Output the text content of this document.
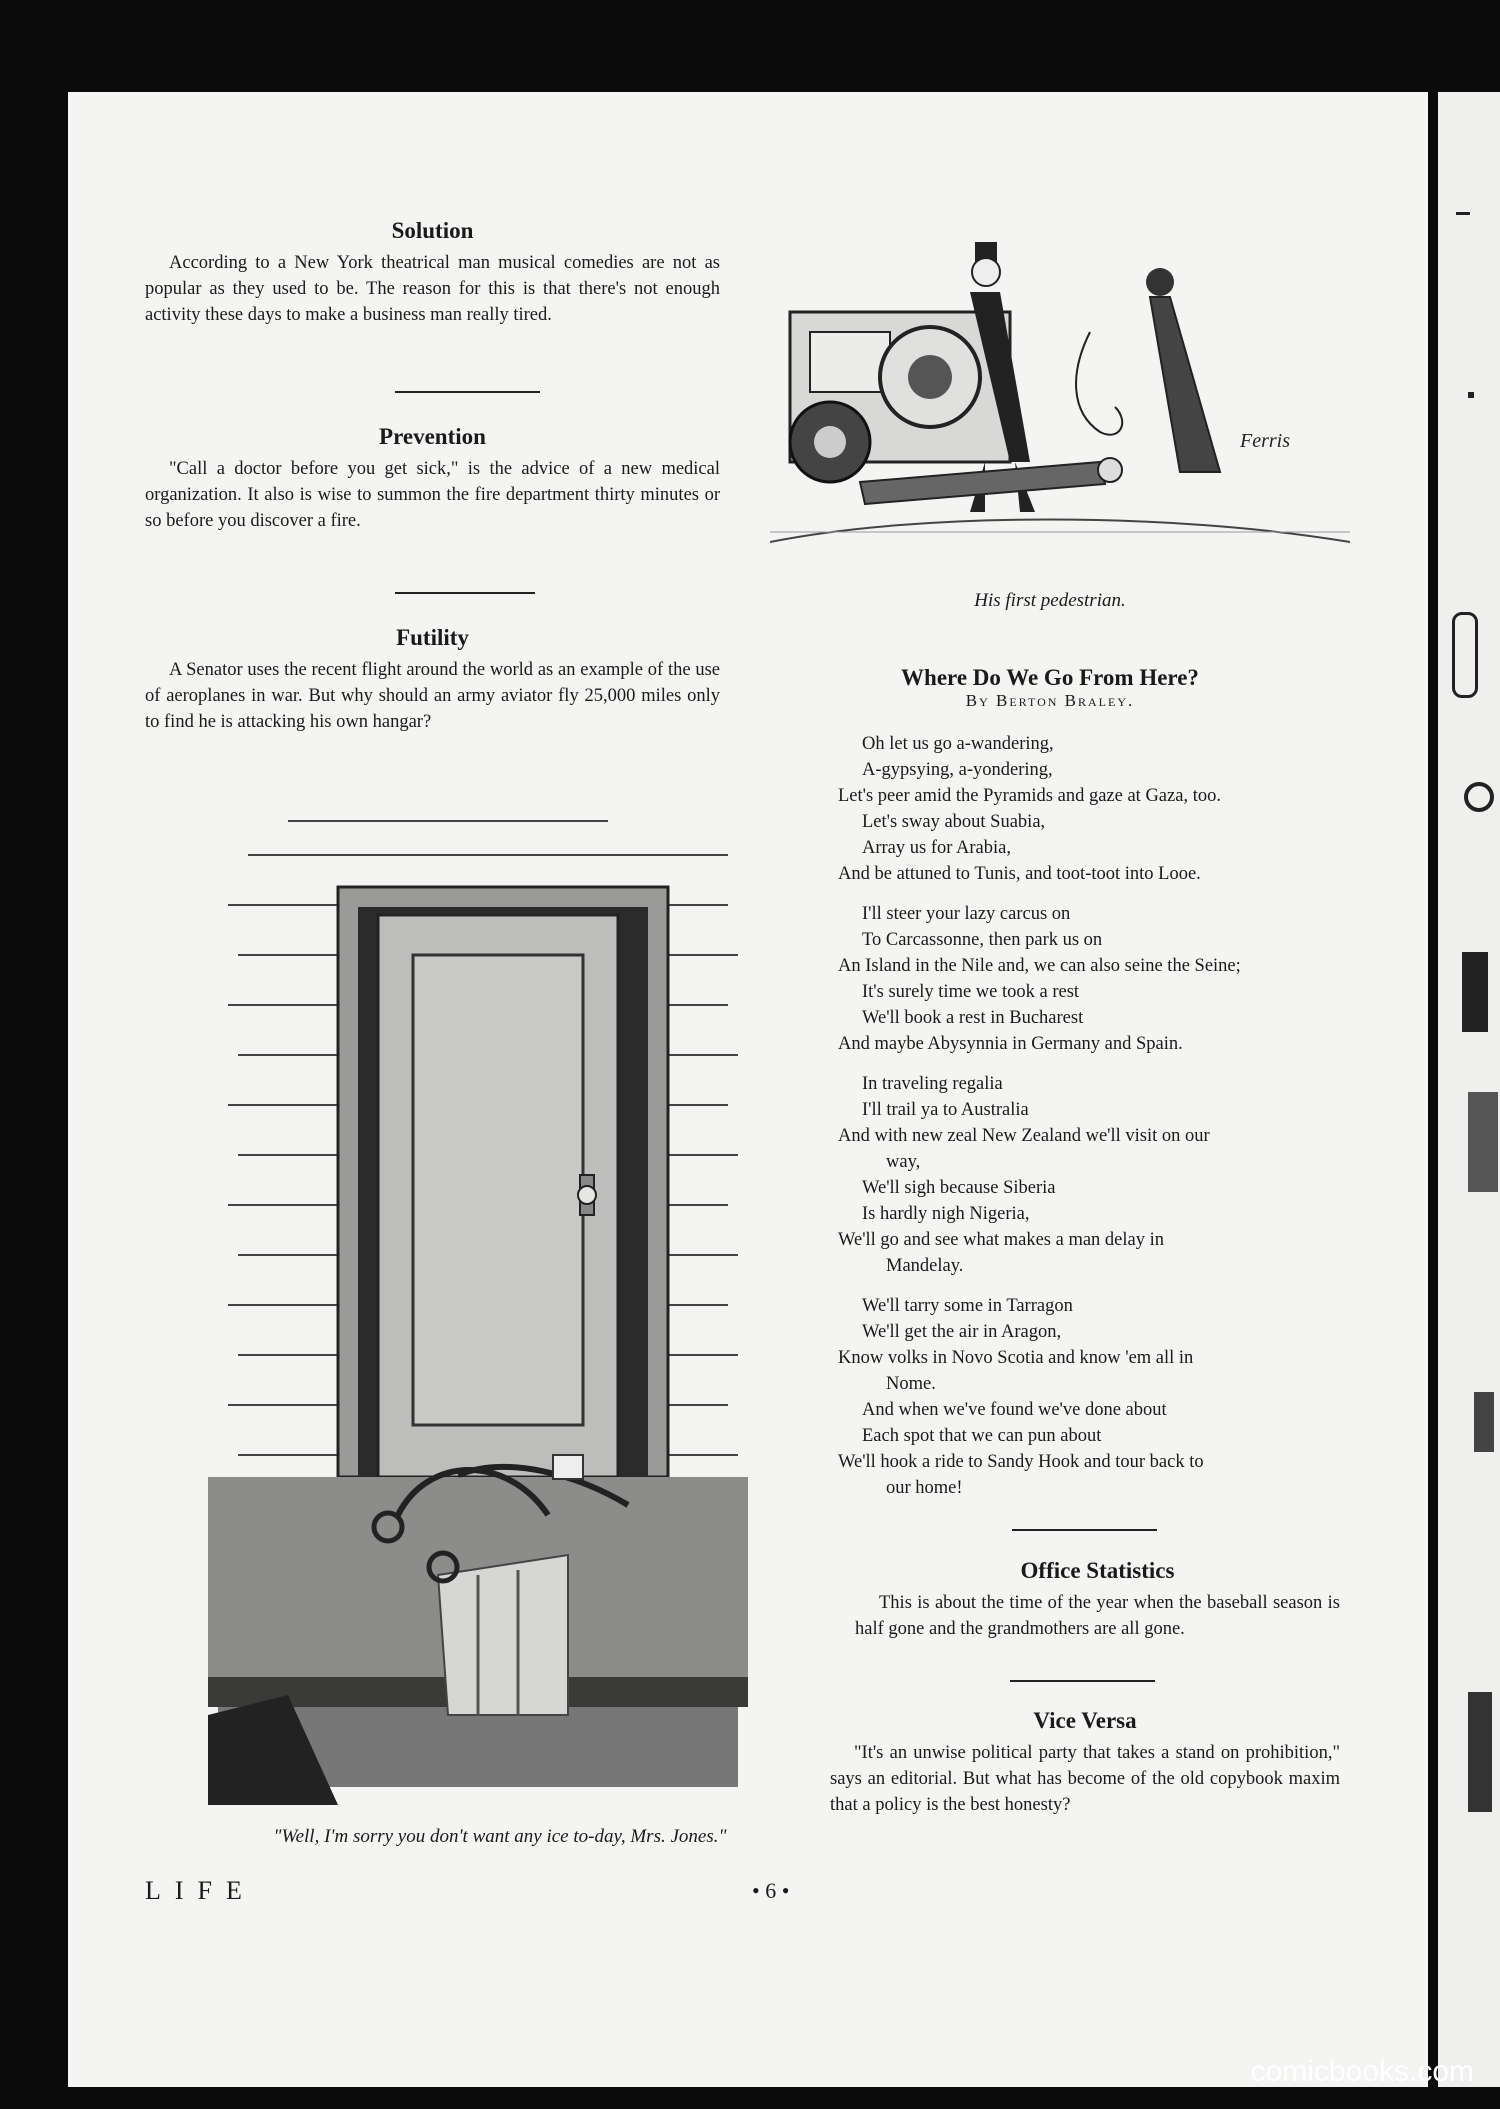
Solution

According to a New York theatrical man musical comedies are not as popular as they used to be. The reason for this is that there's not enough activity these days to make a business man really tired.

Prevention

"Call a doctor before you get sick," is the advice of a new medical organization. It also is wise to summon the fire department thirty minutes or so before you discover a fire.

Futility

A Senator uses the recent flight around the world as an example of the use of aeroplanes in war. But why should an army aviator fly 25,000 miles only to find he is attacking his own hangar?

Warden
LaRoe
"Well, I'm sorry you don't want any ice to-day, Mrs. Jones."
Ferris
His first pedestrian.
Where Do We Go From Here?
By Berton Braley.
Oh let us go a-wandering,
A-gypsying, a-yondering,
Let's peer amid the Pyramids and gaze at Gaza, too.
Let's sway about Suabia,
Array us for Arabia,
And be attuned to Tunis, and toot-toot into Looe.
I'll steer your lazy carcus on
To Carcassonne, then park us on
An Island in the Nile and, we can also seine the Seine;
It's surely time we took a rest
We'll book a rest in Bucharest
And maybe Abysynnia in Germany and Spain.
In traveling regalia
I'll trail ya to Australia
And with new zeal New Zealand we'll visit on our
way,
We'll sigh because Siberia
Is hardly nigh Nigeria,
We'll go and see what makes a man delay in
Mandelay.
We'll tarry some in Tarragon
We'll get the air in Aragon,
Know volks in Novo Scotia and know 'em all in
Nome.
And when we've found we've done about
Each spot that we can pun about
We'll hook a ride to Sandy Hook and tour back to
our home!
Office Statistics

This is about the time of the year when the baseball season is half gone and the grandmothers are all gone.

Vice Versa

"It's an unwise political party that takes a stand on prohibition," says an editorial. But what has become of the old copybook maxim that a policy is the best honesty?

LIFE	• 6 •
comicbooks.com
